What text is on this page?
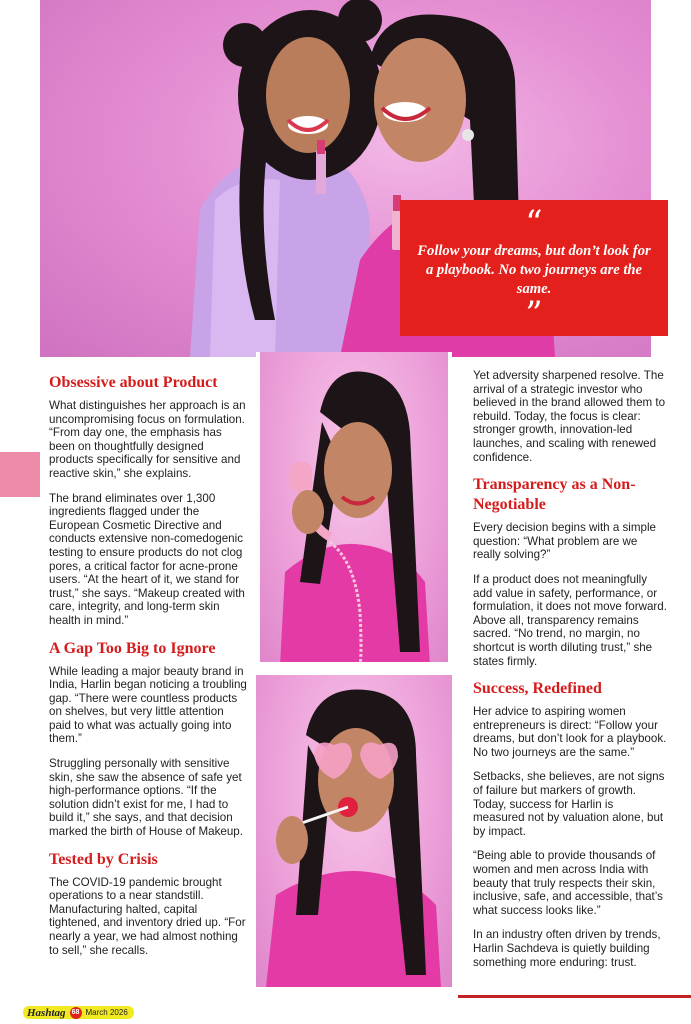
“
Follow your dreams, but don’t look for a playbook. No two journeys are the same.
”
Obsessive about Product

What distinguishes her approach is an uncompromising focus on formulation. “From day one, the emphasis has been on thoughtfully designed products specifically for sensitive and reactive skin,” she explains.

The brand eliminates over 1,300 ingredients flagged under the European Cosmetic Directive and conducts extensive non-comedogenic testing to ensure products do not clog pores, a critical factor for acne-prone users. “At the heart of it, we stand for trust,” she says. “Makeup created with care, integrity, and long-term skin health in mind.”

A Gap Too Big to Ignore

While leading a major beauty brand in India, Harlin began noticing a troubling gap. “There were countless products on shelves, but very little attention paid to what was actually going into them.”

Struggling personally with sensitive skin, she saw the absence of safe yet high-performance options. “If the solution didn’t exist for me, I had to build it,” she says, and that decision marked the birth of House of Makeup.

Tested by Crisis

The COVID-19 pandemic brought operations to a near standstill. Manufacturing halted, capital tightened, and inventory dried up. “For nearly a year, we had almost nothing to sell,” she recalls.

Yet adversity sharpened resolve. The arrival of a strategic investor who believed in the brand allowed them to rebuild. Today, the focus is clear: stronger growth, innovation-led launches, and scaling with renewed confidence.

Transparency as a Non-Negotiable

Every decision begins with a simple question: “What problem are we really solving?”

If a product does not meaningfully add value in safety, performance, or formulation, it does not move forward. Above all, transparency remains sacred. “No trend, no margin, no shortcut is worth diluting trust,” she states firmly.

Success, Redefined

Her advice to aspiring women entrepreneurs is direct: “Follow your dreams, but don’t look for a playbook. No two journeys are the same.”

Setbacks, she believes, are not signs of failure but markers of growth. Today, success for Harlin is measured not by valuation alone, but by impact.

“Being able to provide thousands of women and men across India with beauty that truly respects their skin, inclusive, safe, and accessible, that’s what success looks like.”

In an industry often driven by trends, Harlin Sachdeva is quietly building something more enduring: trust.

Hashtag 68 March 2026
